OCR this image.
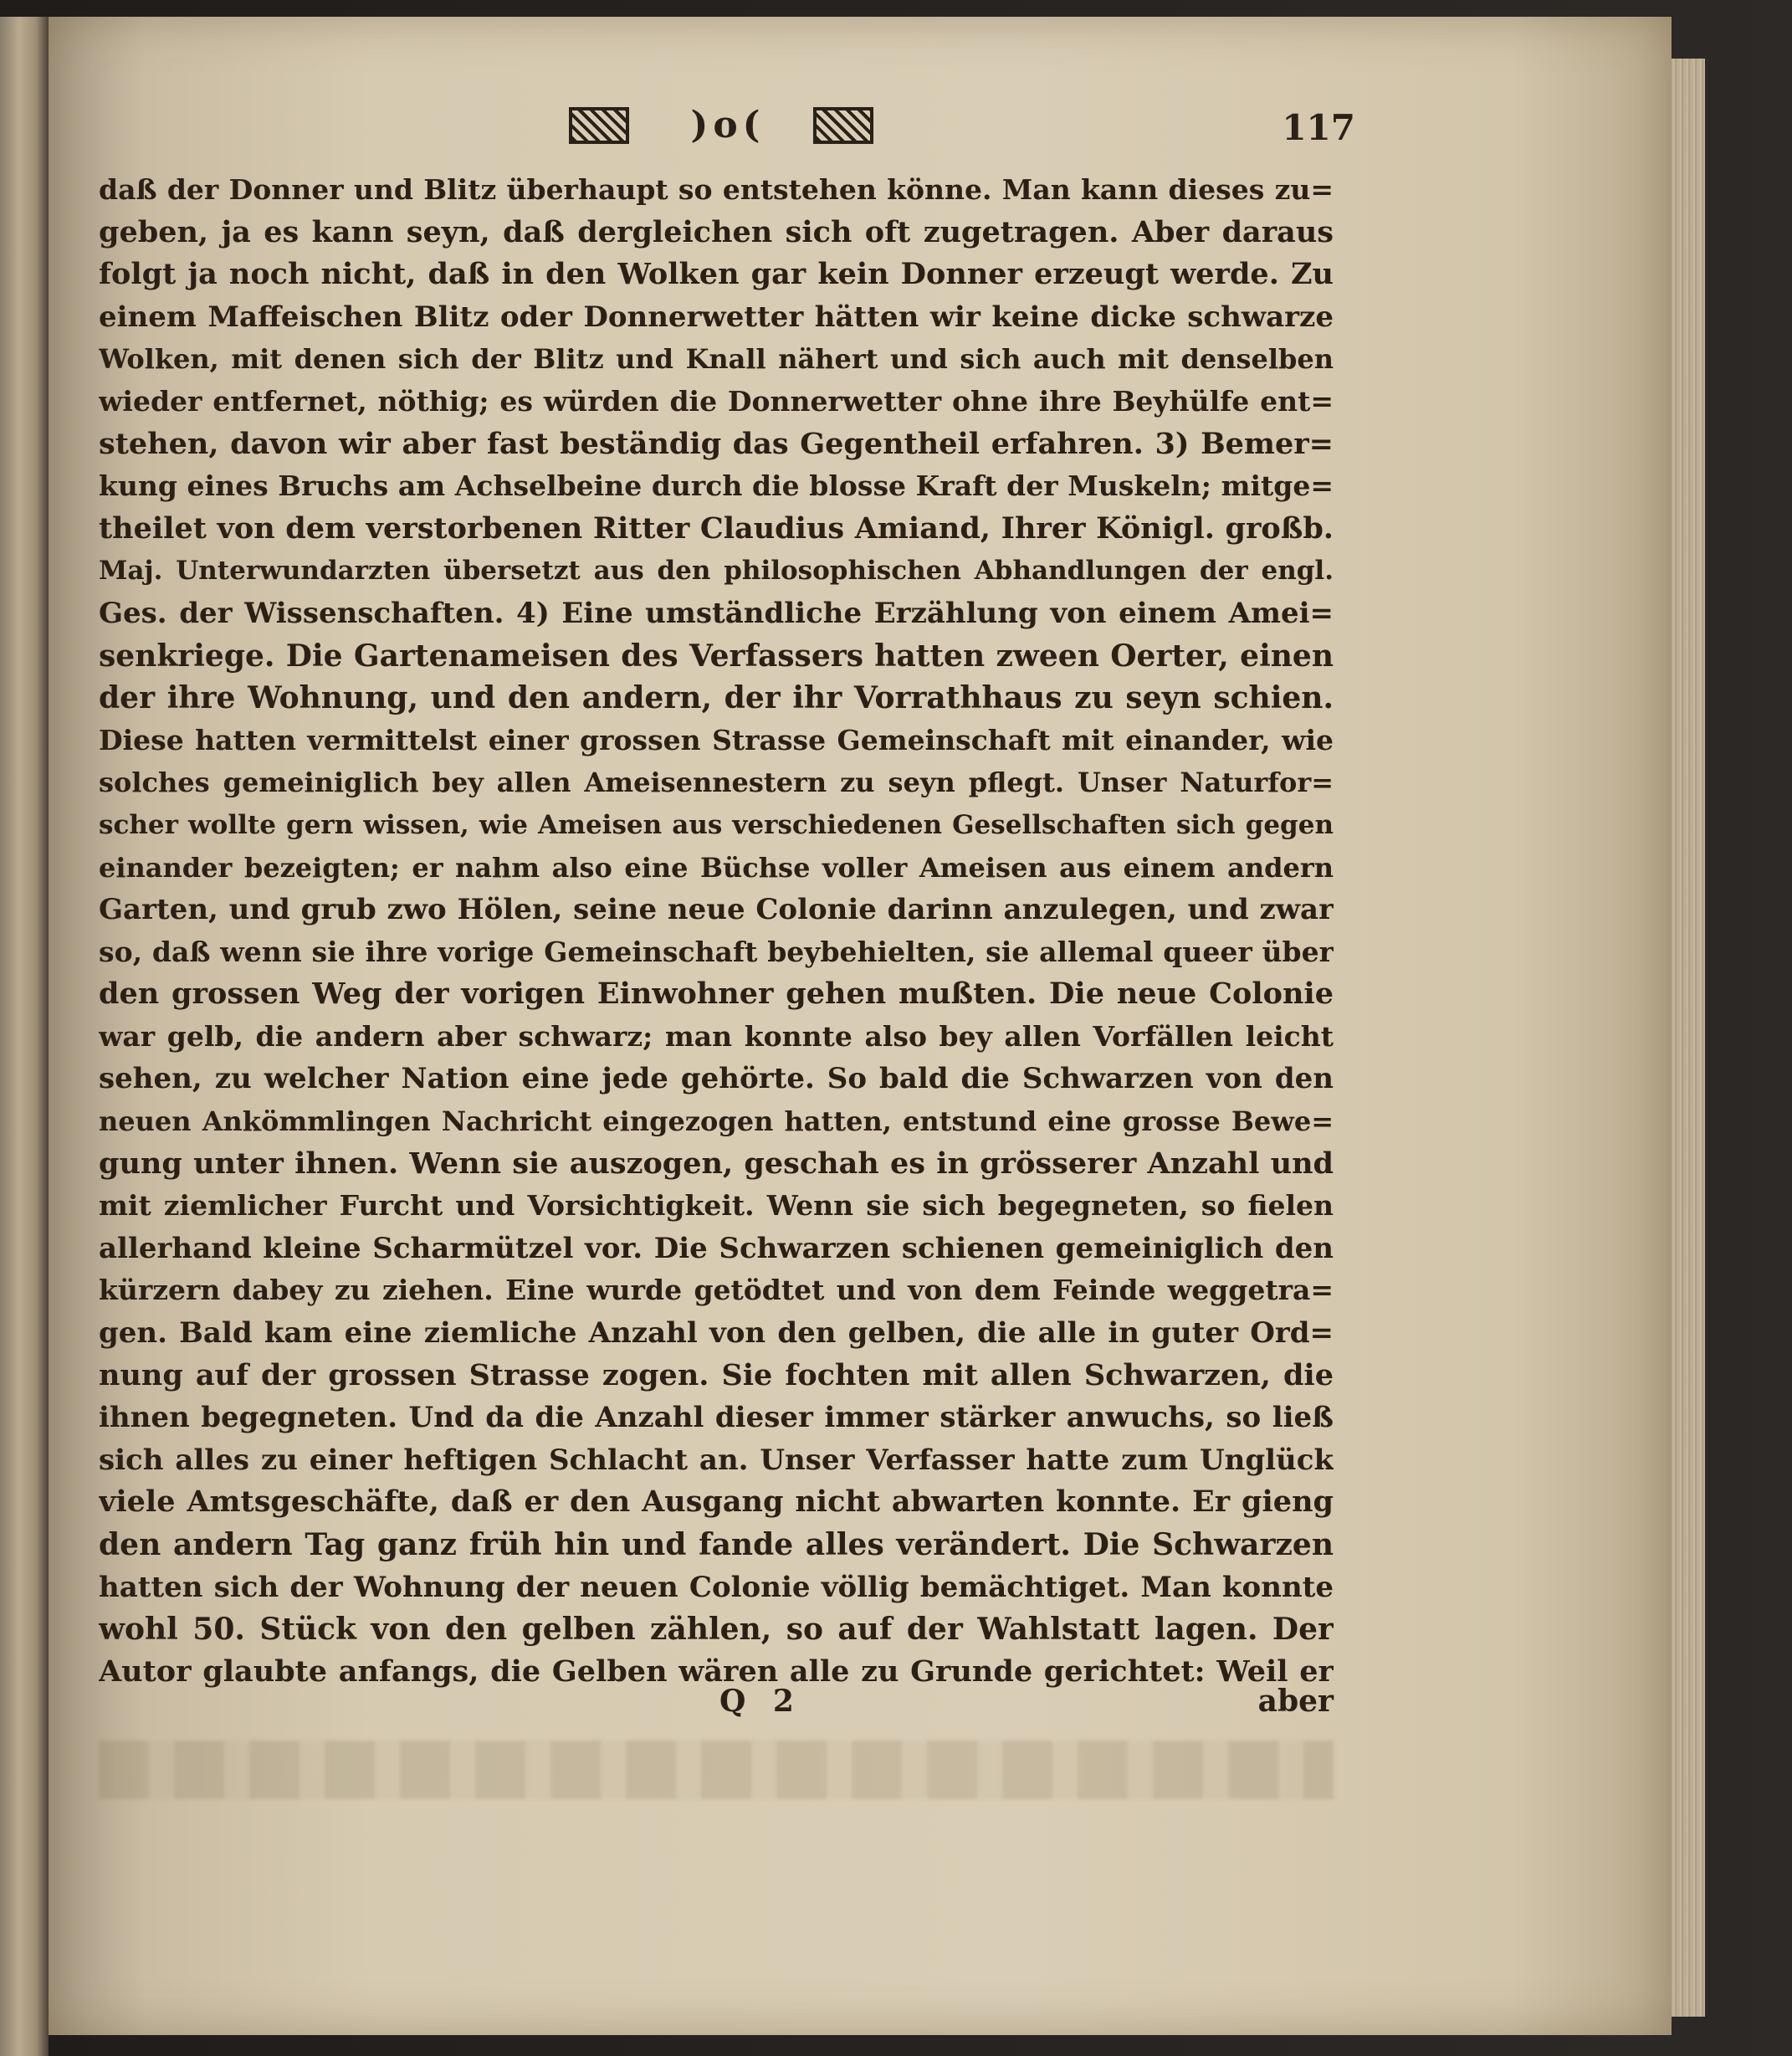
)o(	117
daß der Donner und Blitz überhaupt so entstehen könne. Man kann dieses zu=
geben, ja es kann seyn, daß dergleichen sich oft zugetragen. Aber daraus
folgt ja noch nicht, daß in den Wolken gar kein Donner erzeugt werde. Zu
einem Maffeischen Blitz oder Donnerwetter hätten wir keine dicke schwarze
Wolken, mit denen sich der Blitz und Knall nähert und sich auch mit denselben
wieder entfernet, nöthig; es würden die Donnerwetter ohne ihre Beyhülfe ent=
stehen, davon wir aber fast beständig das Gegentheil erfahren. 3) Bemer=
kung eines Bruchs am Achselbeine durch die blosse Kraft der Muskeln; mitge=
theilet von dem verstorbenen Ritter Claudius Amiand, Ihrer Königl. großb.
Maj. Unterwundarzten übersetzt aus den philosophischen Abhandlungen der engl.
Ges. der Wissenschaften. 4) Eine umständliche Erzählung von einem Amei=
senkriege. Die Gartenameisen des Verfassers hatten zween Oerter, einen
der ihre Wohnung, und den andern, der ihr Vorrathhaus zu seyn schien.
Diese hatten vermittelst einer grossen Strasse Gemeinschaft mit einander, wie
solches gemeiniglich bey allen Ameisennestern zu seyn pflegt. Unser Naturfor=
scher wollte gern wissen, wie Ameisen aus verschiedenen Gesellschaften sich gegen
einander bezeigten; er nahm also eine Büchse voller Ameisen aus einem andern
Garten, und grub zwo Hölen, seine neue Colonie darinn anzulegen, und zwar
so, daß wenn sie ihre vorige Gemeinschaft beybehielten, sie allemal queer über
den grossen Weg der vorigen Einwohner gehen mußten. Die neue Colonie
war gelb, die andern aber schwarz; man konnte also bey allen Vorfällen leicht
sehen, zu welcher Nation eine jede gehörte. So bald die Schwarzen von den
neuen Ankömmlingen Nachricht eingezogen hatten, entstund eine grosse Bewe=
gung unter ihnen. Wenn sie auszogen, geschah es in grösserer Anzahl und
mit ziemlicher Furcht und Vorsichtigkeit. Wenn sie sich begegneten, so fielen
allerhand kleine Scharmützel vor. Die Schwarzen schienen gemeiniglich den
kürzern dabey zu ziehen. Eine wurde getödtet und von dem Feinde weggetra=
gen. Bald kam eine ziemliche Anzahl von den gelben, die alle in guter Ord=
nung auf der grossen Strasse zogen. Sie fochten mit allen Schwarzen, die
ihnen begegneten. Und da die Anzahl dieser immer stärker anwuchs, so ließ
sich alles zu einer heftigen Schlacht an. Unser Verfasser hatte zum Unglück
viele Amtsgeschäfte, daß er den Ausgang nicht abwarten konnte. Er gieng
den andern Tag ganz früh hin und fande alles verändert. Die Schwarzen
hatten sich der Wohnung der neuen Colonie völlig bemächtiget. Man konnte
wohl 50. Stück von den gelben zählen, so auf der Wahlstatt lagen. Der
Autor glaubte anfangs, die Gelben wären alle zu Grunde gerichtet: Weil er
Q 2	aber
